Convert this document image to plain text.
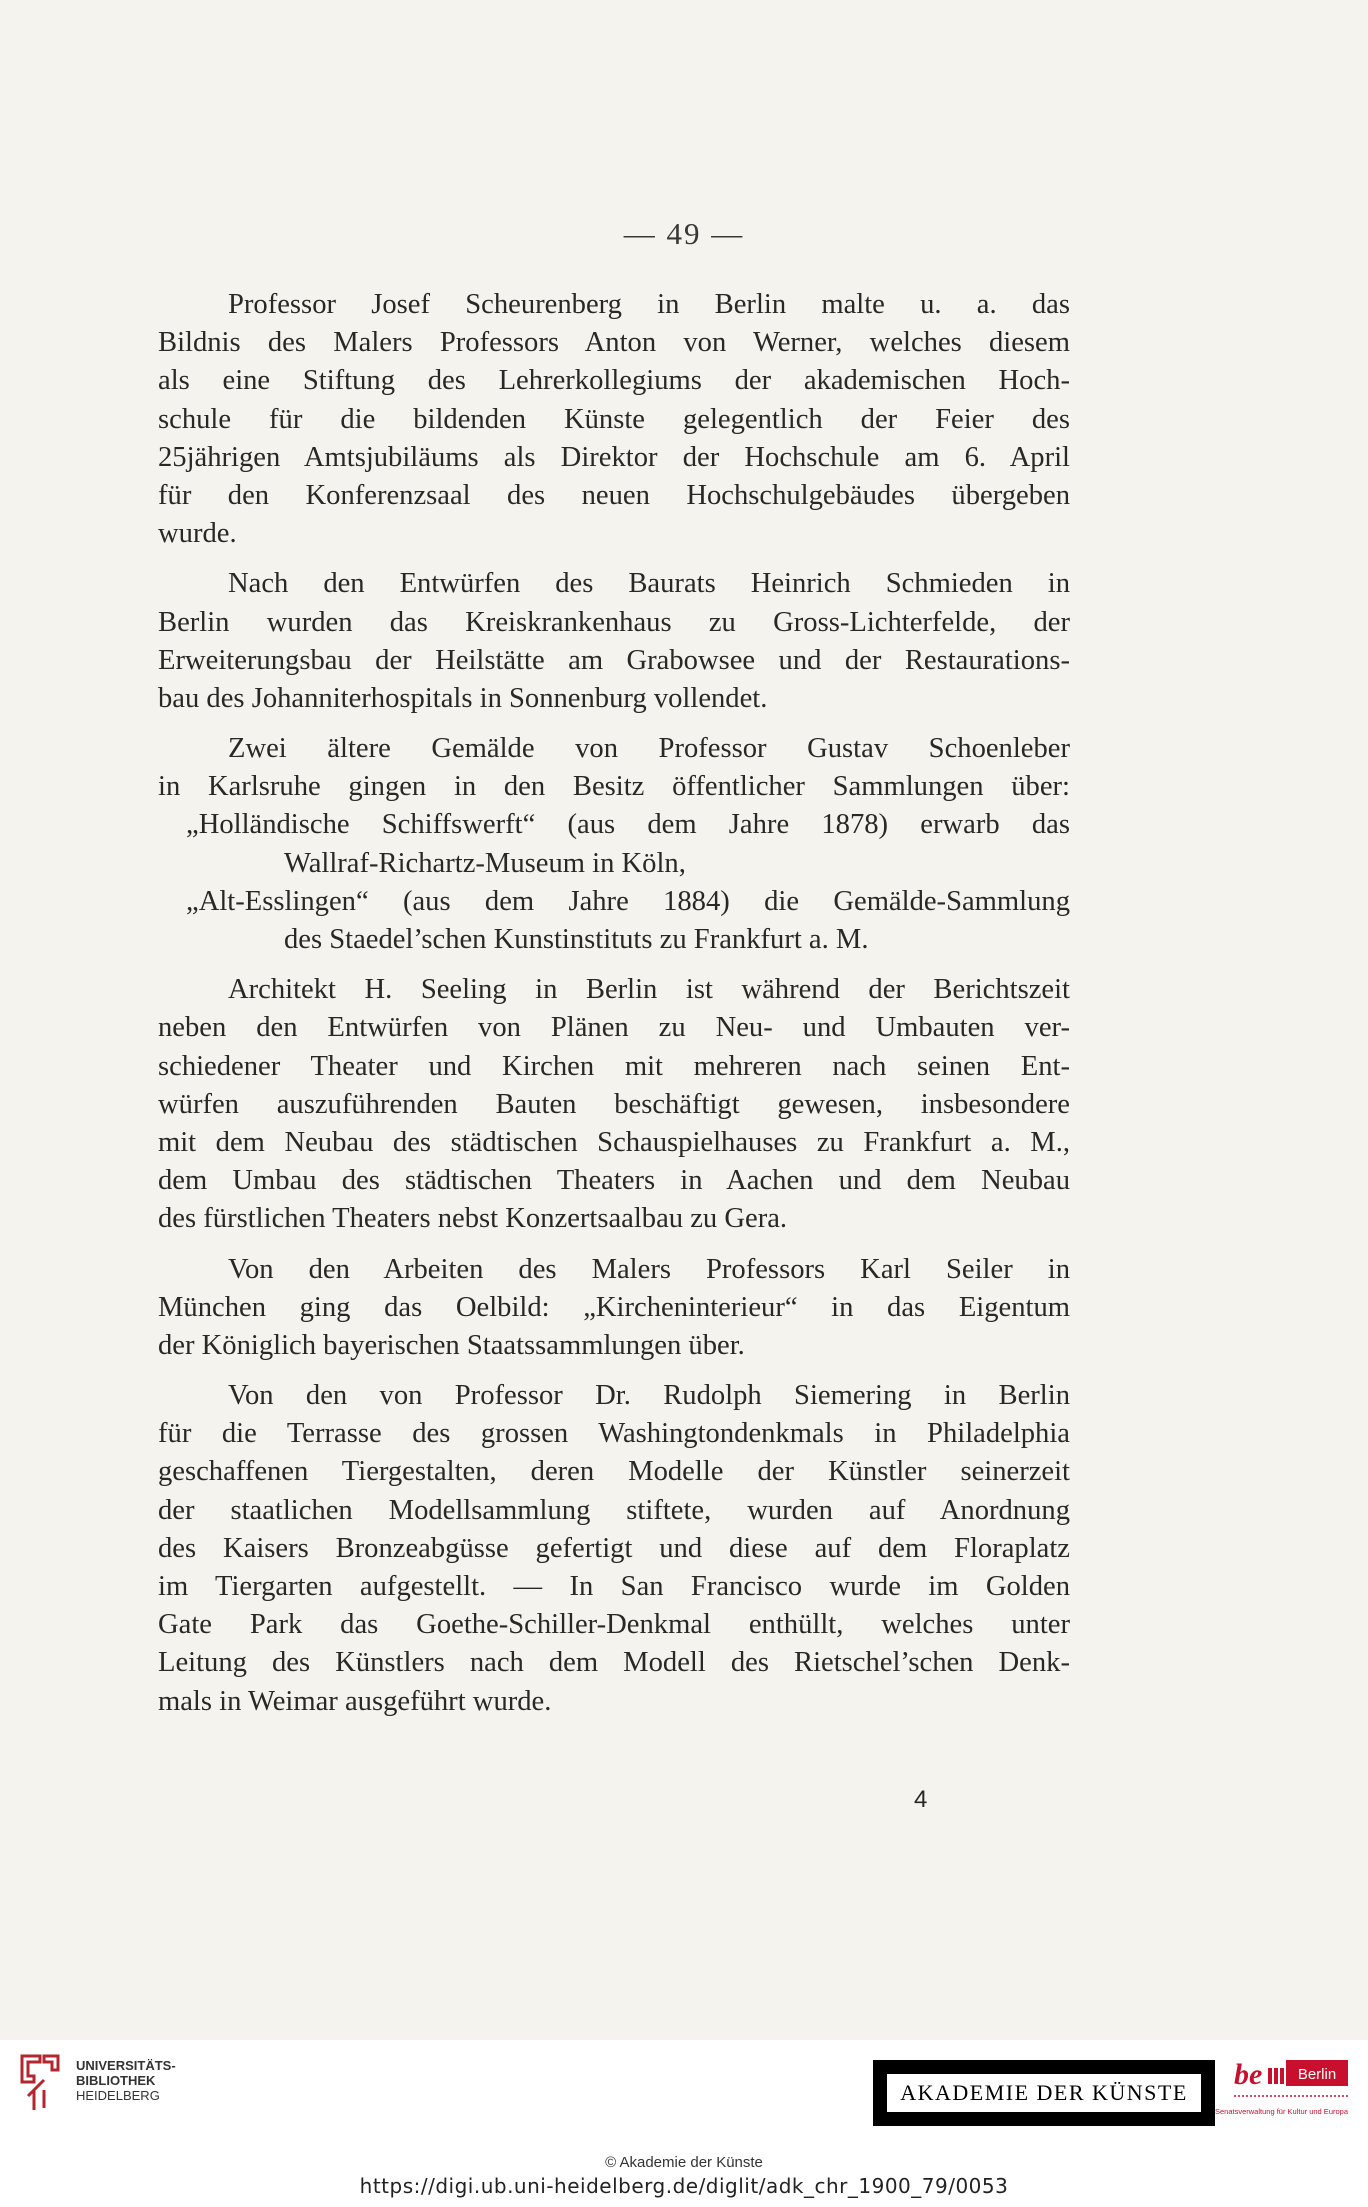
— 49 —
Professor Josef Scheurenberg in Berlin malte u. a. das
Bildnis des Malers Professors Anton von Werner, welches diesem
als eine Stiftung des Lehrerkollegiums der akademischen Hoch-
schule für die bildenden Künste gelegentlich der Feier des
25jährigen Amtsjubiläums als Direktor der Hochschule am 6. April
für den Konferenzsaal des neuen Hochschulgebäudes übergeben
wurde.
Nach den Entwürfen des Baurats Heinrich Schmieden in
Berlin wurden das Kreiskrankenhaus zu Gross-Lichterfelde, der
Erweiterungsbau der Heilstätte am Grabowsee und der Restaurations-
bau des Johanniterhospitals in Sonnenburg vollendet.
Zwei ältere Gemälde von Professor Gustav Schoenleber
in Karlsruhe gingen in den Besitz öffentlicher Sammlungen über:
„Holländische Schiffswerft“ (aus dem Jahre 1878) erwarb das
Wallraf-Richartz-Museum in Köln,
„Alt-Esslingen“ (aus dem Jahre 1884) die Gemälde-Sammlung
des Staedel’schen Kunstinstituts zu Frankfurt a. M.
Architekt H. Seeling in Berlin ist während der Berichtszeit
neben den Entwürfen von Plänen zu Neu- und Umbauten ver-
schiedener Theater und Kirchen mit mehreren nach seinen Ent-
würfen auszuführenden Bauten beschäftigt gewesen, insbesondere
mit dem Neubau des städtischen Schauspielhauses zu Frankfurt a. M.,
dem Umbau des städtischen Theaters in Aachen und dem Neubau
des fürstlichen Theaters nebst Konzertsaalbau zu Gera.
Von den Arbeiten des Malers Professors Karl Seiler in
München ging das Oelbild: „Kircheninterieur“ in das Eigentum
der Königlich bayerischen Staatssammlungen über.
Von den von Professor Dr. Rudolph Siemering in Berlin
für die Terrasse des grossen Washingtondenkmals in Philadelphia
geschaffenen Tiergestalten, deren Modelle der Künstler seinerzeit
der staatlichen Modellsammlung stiftete, wurden auf Anordnung
des Kaisers Bronzeabgüsse gefertigt und diese auf dem Floraplatz
im Tiergarten aufgestellt. — In San Francisco wurde im Golden
Gate Park das Goethe-Schiller-Denkmal enthüllt, welches unter
Leitung des Künstlers nach dem Modell des Rietschel’schen Denk-
mals in Weimar ausgeführt wurde.
4
UNIVERSITÄTS-
BIBLIOTHEK
HEIDELBERG	AKADEMIE DER KÜNSTE
be Berlin
Senatsverwaltung für Kultur und Europa
© Akademie der Künste
https://digi.ub.uni-heidelberg.de/diglit/adk_chr_1900_79/0053
